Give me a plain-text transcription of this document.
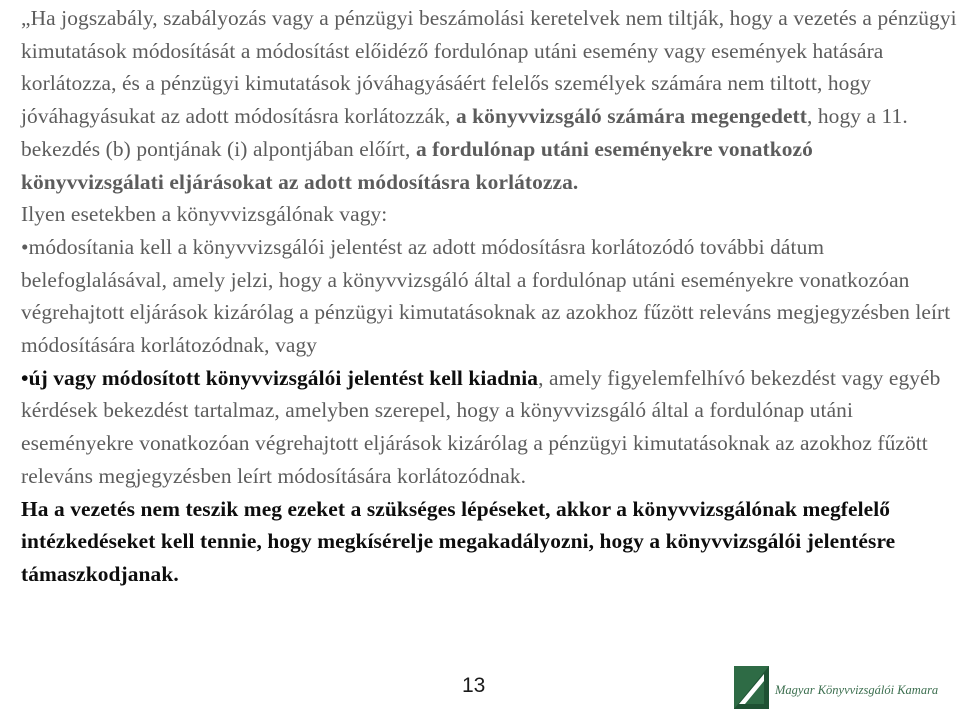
„Ha jogszabály, szabályozás vagy a pénzügyi beszámolási keretelvek nem tiltják, hogy a vezetés a pénzügyi kimutatások módosítását a módosítást előidéző fordulónap utáni esemény vagy események hatására korlátozza, és a pénzügyi kimutatások jóváhagyásáért felelős személyek számára nem tiltott, hogy jóváhagyásukat az adott módosításra korlátozzák, a könyvvizsgáló számára megengedett, hogy a 11. bekezdés (b) pontjának (i) alpontjában előírt, a fordulónap utáni eseményekre vonatkozó könyvvizsgálati eljárásokat az adott módosításra korlátozza.

Ilyen esetekben a könyvvizsgálónak vagy:

•módosítania kell a könyvvizsgálói jelentést az adott módosításra korlátozódó további dátum belefoglalásával, amely jelzi, hogy a könyvvizsgáló által a fordulónap utáni eseményekre vonatkozóan végrehajtott eljárások kizárólag a pénzügyi kimutatásoknak az azokhoz fűzött releváns megjegyzésben leírt módosítására korlátozódnak, vagy

•új vagy módosított könyvvizsgálói jelentést kell kiadnia, amely figyelemfelhívó bekezdést vagy egyéb kérdések bekezdést tartalmaz, amelyben szerepel, hogy a könyvvizsgáló által a fordulónap utáni eseményekre vonatkozóan végrehajtott eljárások kizárólag a pénzügyi kimutatásoknak az azokhoz fűzött releváns megjegyzésben leírt módosítására korlátozódnak.

Ha a vezetés nem teszik meg ezeket a szükséges lépéseket, akkor a könyvvizsgálónak megfelelő intézkedéseket kell tennie, hogy megkísérelje megakadályozni, hogy a könyvvizsgálói jelentésre támaszkodjanak.

13	Magyar Könyvvizsgálói Kamara
